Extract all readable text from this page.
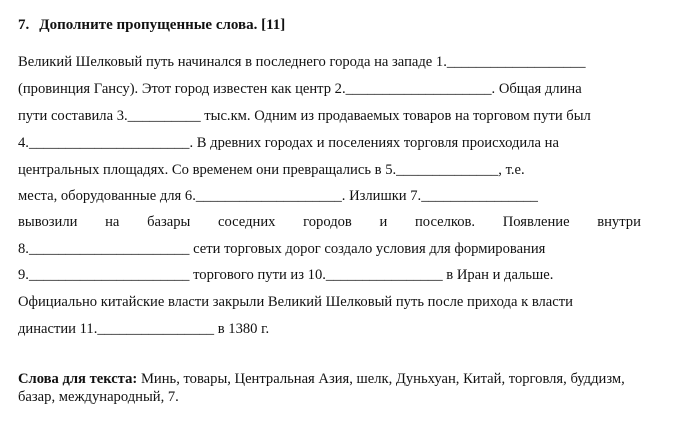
7. Дополните пропущенные слова. [11]
Великий Шелковый путь начинался в последнего города на западе 1.___________________
(провинция Гансу). Этот город известен как центр 2.____________________. Общая длина
пути составила 3.__________ тыс.км. Одним из продаваемых товаров на торговом пути был
4.______________________. В древних городах и поселениях торговля происходила на
центральных площадях. Со временем они превращались в 5.______________, т.е.
места, оборудованные для 6.____________________. Излишки 7.________________
вывозили на базары соседних городов и поселков. Появление внутри
8.______________________ сети торговых дорог создало условия для формирования
9.______________________ торгового пути из 10.________________ в Иран и дальше.
Официально китайские власти закрыли Великий Шелковый путь после прихода к власти
династии 11.________________ в 1380 г.
Слова для текста: Минь, товары, Центральная Азия, шелк, Дуньхуан, Китай, торговля, буддизм, базар, международный, 7.
